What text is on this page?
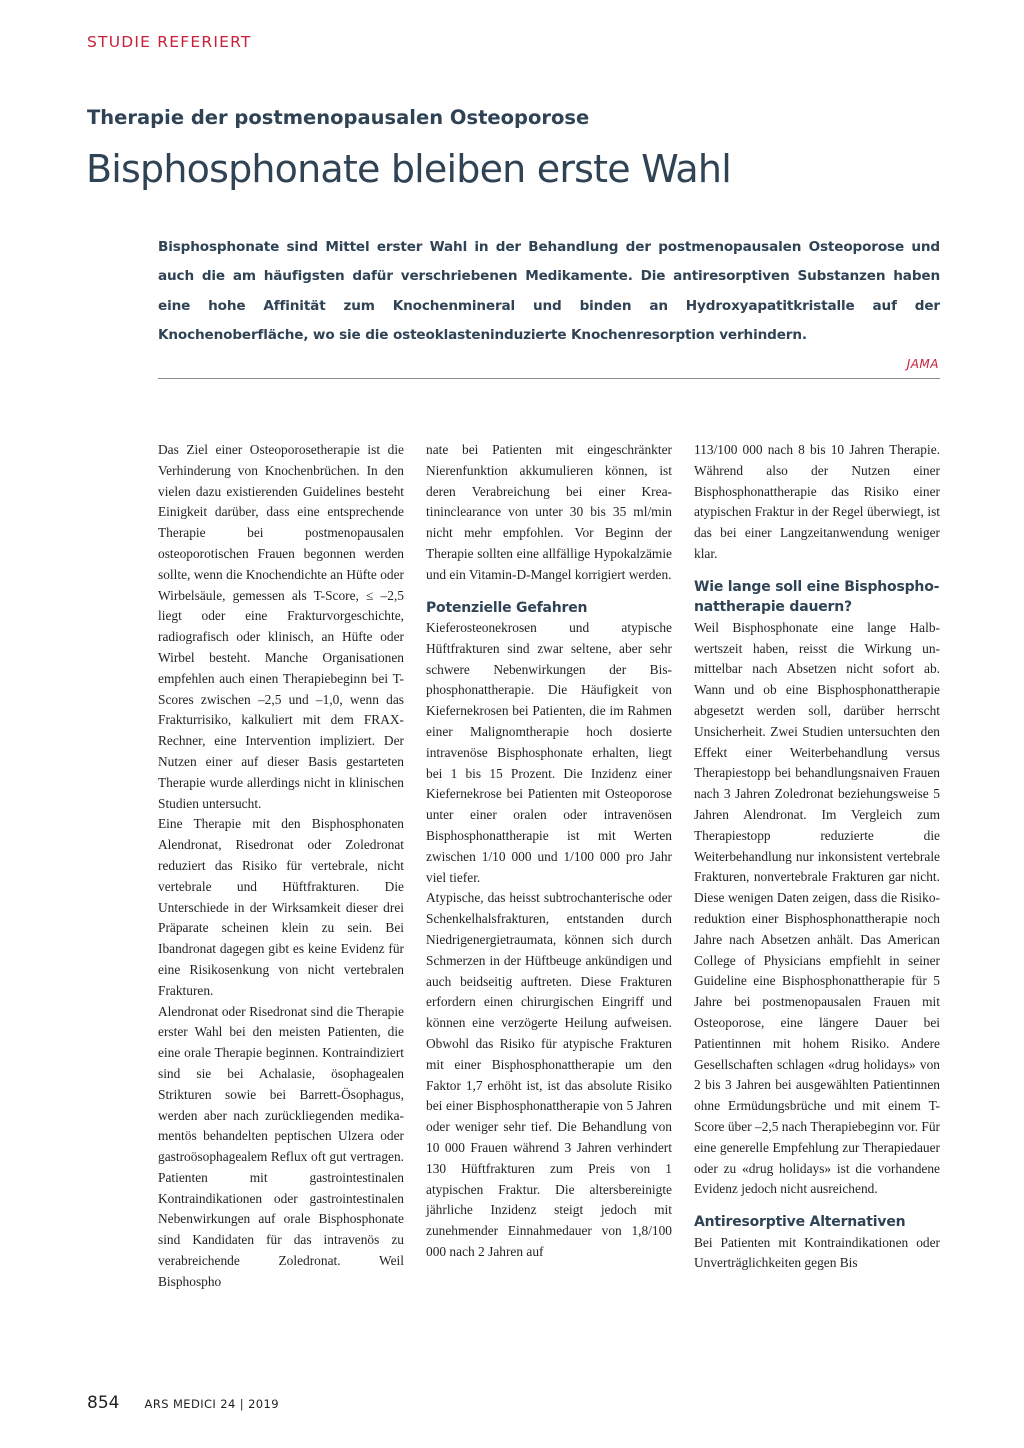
STUDIE REFERIERT
Therapie der postmenopausalen Osteoporose
Bisphosphonate bleiben erste Wahl
Bisphosphonate sind Mittel erster Wahl in der Behandlung der postmenopausalen Osteoporose und auch die am häufigsten dafür verschriebenen Medikamente. Die antiresorptiven Substanzen haben eine hohe Affinität zum Knochenmineral und binden an Hydroxyapatitkristalle auf der Knochenoberfläche, wo sie die osteoklasteninduzierte Knochenresorption verhindern.
JAMA

Das Ziel einer Osteoporosetherapie ist die Verhinderung von Knochenbrüchen. In den vielen dazu existierenden Guidelines besteht Einigkeit darüber, dass eine entsprechende Therapie bei postmenopausalen osteoporotischen Frauen begonnen werden sollte, wenn die Knochendichte an Hüfte oder Wirbelsäule, gemessen als T-Score, ≤ –2,5 liegt oder eine Frakturvorgeschichte, radiografisch oder klinisch, an Hüfte oder Wirbel besteht. Manche Organisationen empfehlen auch einen Therapiebeginn bei T-Scores zwischen –2,5 und –1,0, wenn das Frakturrisiko, kalkuliert mit dem FRAX-Rechner, eine Intervention impliziert. Der Nutzen einer auf dieser Basis gestarteten Therapie wurde allerdings nicht in klinischen Studien untersucht.

Eine Therapie mit den Bisphosphonaten Alendronat, Risedronat oder Zoledronat reduziert das Risiko für vertebrale, nicht vertebrale und Hüftfrakturen. Die Unterschiede in der Wirksamkeit dieser drei Präparate scheinen klein zu sein. Bei Ibandronat dagegen gibt es keine Evidenz für eine Risikosenkung von nicht vertebralen Frakturen.

Alendronat oder Risedronat sind die Therapie erster Wahl bei den meisten Patienten, die eine orale Therapie beginnen. Kontraindiziert sind sie bei Achalasie, ösophagealen Strikturen sowie bei Barrett-Ösophagus, werden aber nach zurückliegenden medikamentös behandelten peptischen Ulzera oder gastroösophagealem Reflux oft gut vertragen. Patienten mit gastrointestinalen Kontraindikationen oder gastrointestinalen Nebenwirkungen auf orale Bisphosphonate sind Kandidaten für das intravenös zu verabreichende Zoledronat. Weil Bisphospho

nate bei Patienten mit eingeschränkter Nierenfunktion akkumulieren können, ist deren Verabreichung bei einer Kreatininclearance von unter 30 bis 35 ml/min nicht mehr empfohlen. Vor Beginn der Therapie sollten eine allfällige Hypokalzämie und ein Vitamin-D-Mangel korrigiert werden.

Potenzielle Gefahren

Kieferosteonekrosen und atypische Hüftfrakturen sind zwar seltene, aber sehr schwere Nebenwirkungen der Bisphosphonattherapie. Die Häufigkeit von Kiefernekrosen bei Patienten, die im Rahmen einer Malignomtherapie hoch dosierte intravenöse Bisphosphonate erhalten, liegt bei 1 bis 15 Prozent. Die Inzidenz einer Kiefernekrose bei Patienten mit Osteoporose unter einer oralen oder intravenösen Bisphosphonattherapie ist mit Werten zwischen 1/10 000 und 1/100 000 pro Jahr viel tiefer.

Atypische, das heisst subtrochanterische oder Schenkelhalsfrakturen, entstanden durch Niedrigenergietraumata, können sich durch Schmerzen in der Hüftbeuge ankündigen und auch beidseitig auftreten. Diese Frakturen erfordern einen chirurgischen Eingriff und können eine verzögerte Heilung aufweisen. Obwohl das Risiko für atypische Frakturen mit einer Bisphosphonattherapie um den Faktor 1,7 erhöht ist, ist das absolute Risiko bei einer Bisphosphonattherapie von 5 Jahren oder weniger sehr tief. Die Behandlung von 10 000 Frauen während 3 Jahren verhindert 130 Hüftfrakturen zum Preis von 1 atypischen Fraktur. Die altersbereinigte jährliche Inzidenz steigt jedoch mit zunehmender Einnahmedauer von 1,8/100 000 nach 2 Jahren auf

113/100 000 nach 8 bis 10 Jahren Therapie. Während also der Nutzen einer Bisphosphonattherapie das Risiko einer atypischen Fraktur in der Regel überwiegt, ist das bei einer Langzeitanwendung weniger klar.

Wie lange soll eine Bisphosphonattherapie dauern?

Weil Bisphosphonate eine lange Halbwertszeit haben, reisst die Wirkung unmittelbar nach Absetzen nicht sofort ab. Wann und ob eine Bisphosphonattherapie abgesetzt werden soll, darüber herrscht Unsicherheit. Zwei Studien untersuchten den Effekt einer Weiterbehandlung versus Therapiestopp bei behandlungsnaiven Frauen nach 3 Jahren Zoledronat beziehungsweise 5 Jahren Alendronat. Im Vergleich zum Therapiestopp reduzierte die Weiterbehandlung nur inkonsistent vertebrale Frakturen, nonvertebrale Frakturen gar nicht. Diese wenigen Daten zeigen, dass die Risikoreduktion einer Bisphosphonattherapie noch Jahre nach Absetzen anhält. Das American College of Physicians empfiehlt in seiner Guideline eine Bisphosphonattherapie für 5 Jahre bei postmenopausalen Frauen mit Osteoporose, eine längere Dauer bei Patientinnen mit hohem Risiko. Andere Gesellschaften schlagen «drug holidays» von 2 bis 3 Jahren bei ausgewählten Patientinnen ohne Ermüdungsbrüche und mit einem T-Score über –2,5 nach Therapiebeginn vor. Für eine generelle Empfehlung zur Therapiedauer oder zu «drug holidays» ist die vorhandene Evidenz jedoch nicht ausreichend.

Antiresorptive Alternativen

Bei Patienten mit Kontraindikationen oder Unverträglichkeiten gegen Bis

854 ARS MEDICI 24 | 2019
